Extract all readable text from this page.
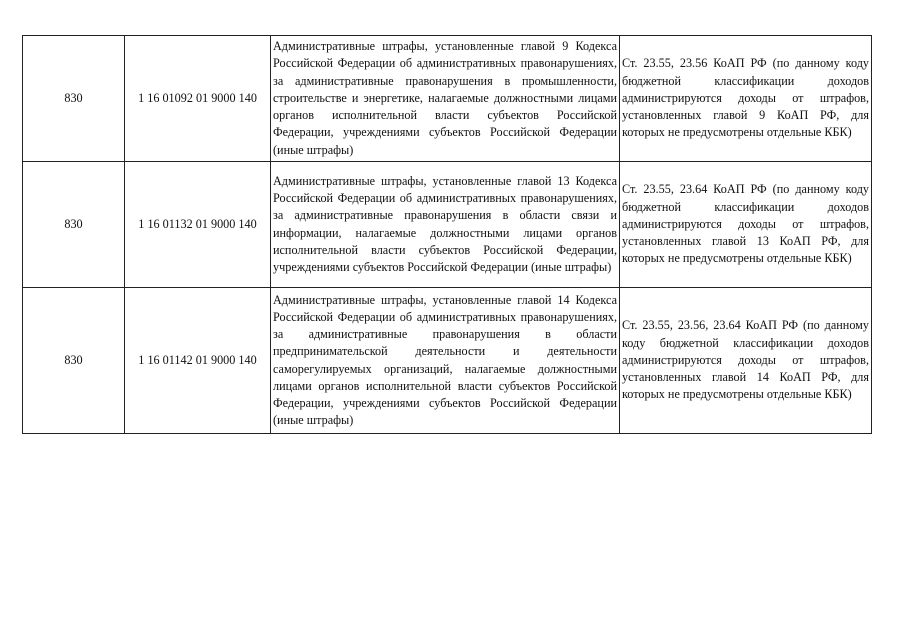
830	1 16 01092 01 9000 140	Административные штрафы, установленные главой 9 Кодекса Российской Федерации об административных правонарушениях, за административные правонарушения в промышленности, строительстве и энергетике, налагаемые должностными лицами органов исполнительной власти субъектов Российской Федерации, учреждениями субъектов Российской Федерации (иные штрафы)	Ст. 23.55, 23.56 КоАП РФ (по данному коду бюджетной классификации доходов администрируются доходы от штрафов, установленных главой 9 КоАП РФ, для которых не предусмотрены отдельные КБК)
830	1 16 01132 01 9000 140	Административные штрафы, установленные главой 13 Кодекса Российской Федерации об административных правонарушениях, за административные правонарушения в области связи и информации, налагаемые должностными лицами органов исполнительной власти субъектов Российской Федерации, учреждениями субъектов Российской Федерации (иные штрафы)	Ст. 23.55, 23.64 КоАП РФ (по данному коду бюджетной классификации доходов администрируются доходы от штрафов, установленных главой 13 КоАП РФ, для которых не предусмотрены отдельные КБК)
830	1 16 01142 01 9000 140	Административные штрафы, установленные главой 14 Кодекса Российской Федерации об административных правонарушениях, за административные правонарушения в области предпринимательской деятельности и деятельности саморегулируемых организаций, налагаемые должностными лицами органов исполнительной власти субъектов Российской Федерации, учреждениями субъектов Российской Федерации (иные штрафы)	Ст. 23.55, 23.56, 23.64 КоАП РФ (по данному коду бюджетной классификации доходов администрируются доходы от штрафов, установленных главой 14 КоАП РФ, для которых не предусмотрены отдельные КБК)
